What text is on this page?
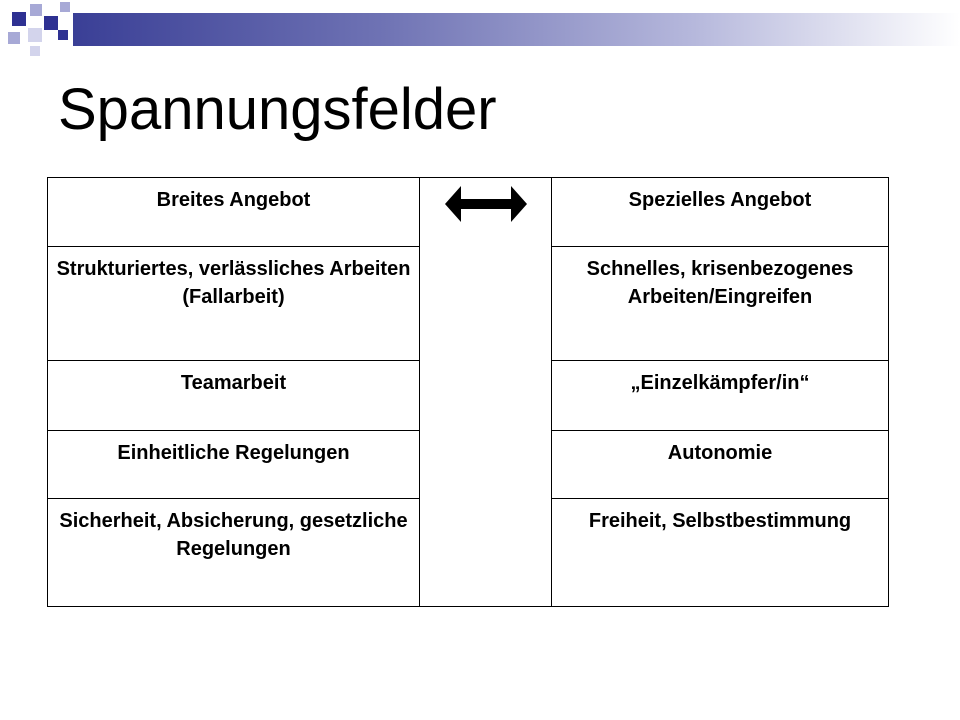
Spannungsfelder
Breites Angebot		Spezielles Angebot
Strukturiertes, verlässliches Arbeiten (Fallarbeit)		Schnelles, krisenbezogenes Arbeiten/Eingreifen
Teamarbeit		„Einzelkämpfer/in“
Einheitliche Regelungen		Autonomie
Sicherheit, Absicherung, gesetzliche Regelungen		Freiheit, Selbstbestimmung
